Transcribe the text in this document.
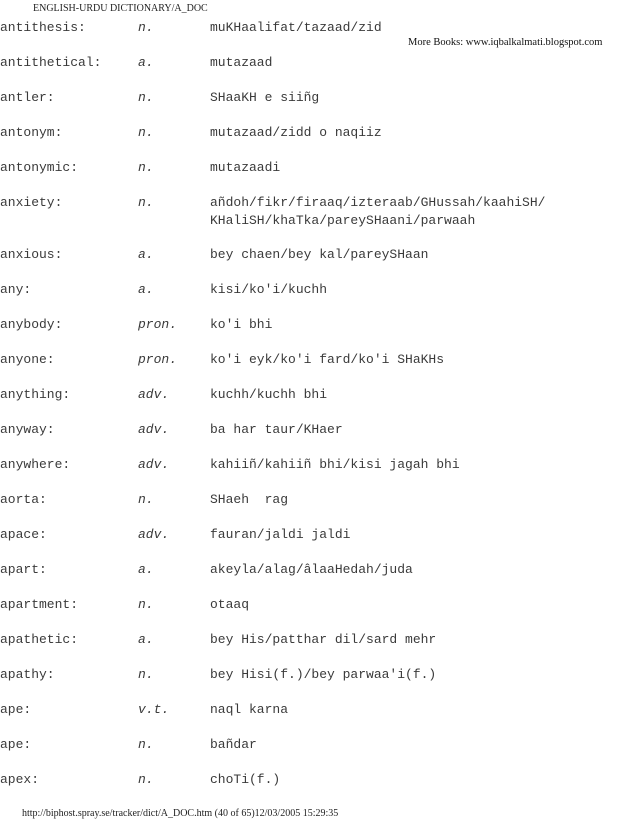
ENGLISH-URDU DICTIONARY/A_DOC
antithesis:	n.	muKHaalifat/tazaad/zid
antithetical:	a.	mutazaad
antler:	n.	SHaaKH e siiñg
antonym:	n.	mutazaad/zidd o naqiiz
antonymic:	n.	mutazaadi
anxiety:	n.	añdoh/fikr/firaaq/izteraab/GHussah/kaahiSH/
KHaliSH/khaTka/pareySHaani/parwaah
anxious:	a.	bey chaen/bey kal/pareySHaan
any:	a.	kisi/ko'i/kuchh
anybody:	pron.	ko'i bhi
anyone:	pron.	ko'i eyk/ko'i fard/ko'i SHaKHs
anything:	adv.	kuchh/kuchh bhi
anyway:	adv.	ba har taur/KHaer
anywhere:	adv.	kahiiñ/kahiiñ bhi/kisi jagah bhi
aorta:	n.	SHaeh  rag
apace:	adv.	fauran/jaldi jaldi
apart:	a.	akeyla/alag/âlaaHedah/juda
apartment:	n.	otaaq
apathetic:	a.	bey His/patthar dil/sard mehr
apathy:	n.	bey Hisi(f.)/bey parwaa'i(f.)
ape:	v.t.	naql karna
ape:	n.	bañdar
apex:	n.	choTi(f.)
More Books: www.iqbalkalmati.blogspot.com
http://biphost.spray.se/tracker/dict/A_DOC.htm (40 of 65)12/03/2005 15:29:35
